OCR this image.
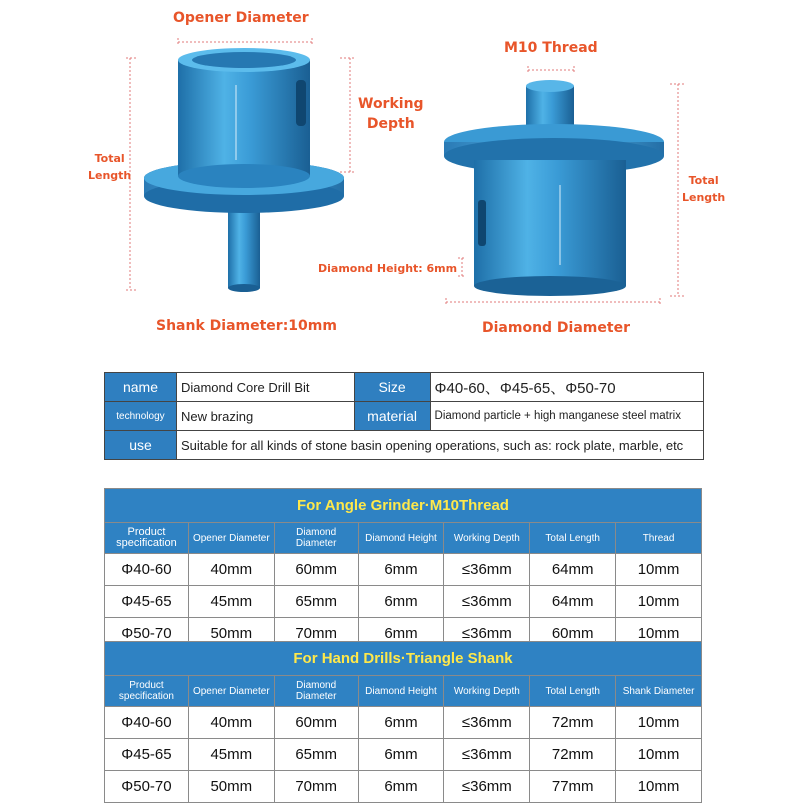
Opener Diameter
Working
Depth
Total
Length
Shank Diameter:10mm
M10 Thread
Total
Length
Diamond Height: 6mm
Diamond Diameter
name	Diamond Core Drill Bit	Size	Φ40-60、Φ45-65、Φ50-70
technology	New brazing	material	Diamond particle + high manganese steel matrix
use	Suitable for all kinds of stone basin opening operations, such as: rock plate, marble, etc		
For Angle Grinder·M10Thread						
Product
specification	Opener Diameter	Diamond Diameter	Diamond Height	Working Depth	Total Length	Thread
Φ40-60	40mm	60mm	6mm	≤36mm	64mm	10mm
Φ45-65	45mm	65mm	6mm	≤36mm	64mm	10mm
Φ50-70	50mm	70mm	6mm	≤36mm	60mm	10mm
For Hand Drills·Triangle Shank						
Product
specification	Opener Diameter	Diamond Diameter	Diamond Height	Working Depth	Total Length	Shank Diameter
Φ40-60	40mm	60mm	6mm	≤36mm	72mm	10mm
Φ45-65	45mm	65mm	6mm	≤36mm	72mm	10mm
Φ50-70	50mm	70mm	6mm	≤36mm	77mm	10mm
